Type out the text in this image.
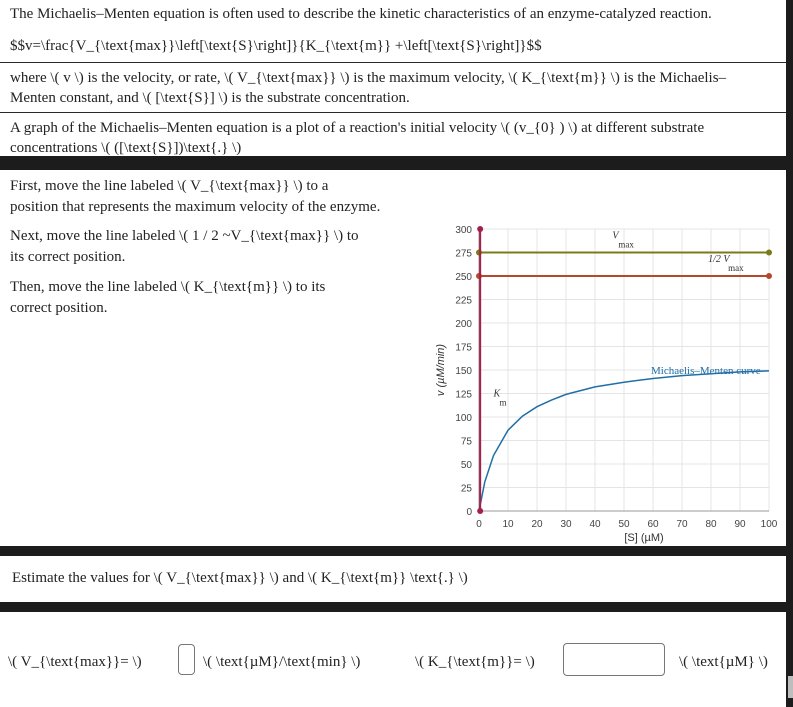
The Michaelis–Menten equation is often used to describe the kinetic characteristics of an enzyme-catalyzed reaction.

$$v=\frac{V_{\text{max}}\left[\text{S}\right]}{K_{\text{m}} +\left[\text{S}\right]}$$

where \( v \) is the velocity, or rate, \( V_{\text{max}} \) is the maximum velocity, \( K_{\text{m}} \) is the Michaelis–

Menten constant, and \( [\text{S}] \) is the substrate concentration.

A graph of the Michaelis–Menten equation is a plot of a reaction's initial velocity \( (v_{0} ) \) at different substrate

concentrations \( ([\text{S}])\text{.} \)

First, move the line labeled \( V_{\text{max}} \) to a

position that represents the maximum velocity of the enzyme.

Next, move the line labeled \( 1 / 2 ~V_{\text{max}} \) to

its correct position.

Then, move the line labeled \( K_{\text{m}} \) to its

correct position.

0
25
50
75
100
125
150
175
200
225
250
275
300
0 10 20 30 40 50 60 70 80 90 100
v (µM/min)
[S] (µM)
V
max
1/2 V
max
K
m
Michaelis–Menten curve

Estimate the values for \( V_{\text{max}} \) and \( K_{\text{m}} \text{.} \)

\( V_{\text{max}}= \)	\( \text{µM}/\text{min} \)	\( K_{\text{m}}= \)	\( \text{µM} \)
